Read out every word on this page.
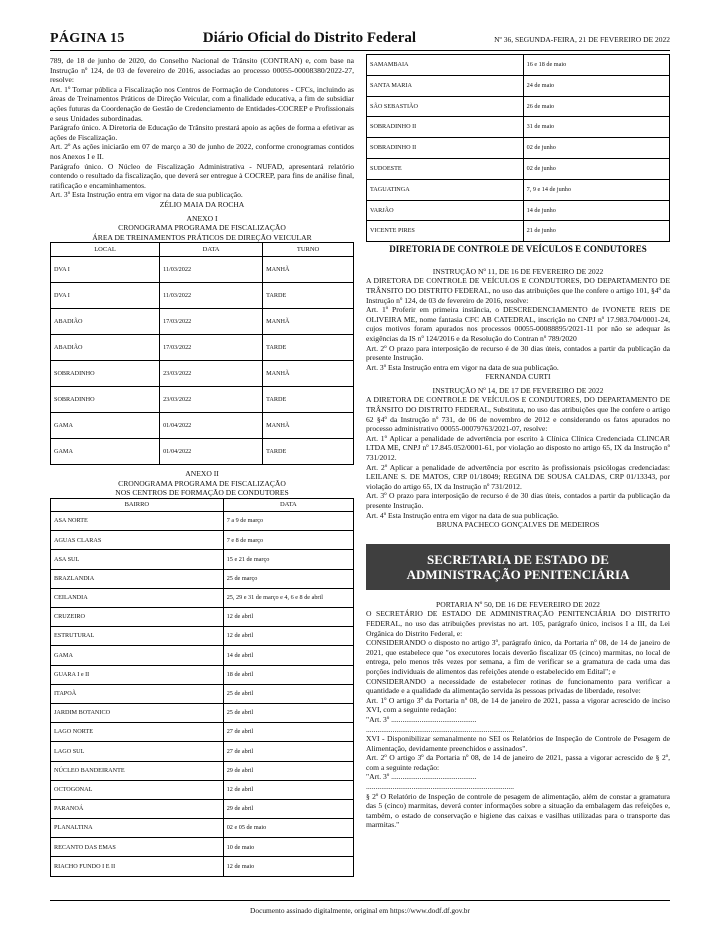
PÁGINA 15	Diário Oficial do Distrito Federal	Nº 36, SEGUNDA-FEIRA, 21 DE FEVEREIRO DE 2022

789, de 18 de junho de 2020, do Conselho Nacional de Trânsito (CONTRAN) e, com base na Instrução nº 124, de 03 de fevereiro de 2016, associadas ao processo 00055-00008380/2022-27, resolve:

Art. 1º Tornar pública a Fiscalização nos Centros de Formação de Condutores - CFCs, incluindo as áreas de Treinamentos Práticos de Direção Veicular, com a finalidade educativa, a fim de subsidiar ações futuras da Coordenação de Gestão de Credenciamento de Entidades-COCREP e Profissionais e seus Unidades subordinadas.

Parágrafo único. A Diretoria de Educação de Trânsito prestará apoio as ações de forma a efetivar as ações de Fiscalização.

Art. 2º As ações iniciarão em 07 de março a 30 de junho de 2022, conforme cronogramas contidos nos Anexos I e II.

Parágrafo único. O Núcleo de Fiscalização Administrativa - NUFAD, apresentará relatório contendo o resultado da fiscalização, que deverá ser entregue à COCREP, para fins de análise final, ratificação e encaminhamentos.

Art. 3º Esta Instrução entra em vigor na data de sua publicação.

ZÉLIO MAIA DA ROCHA

ANEXO I

CRONOGRAMA PROGRAMA DE FISCALIZAÇÃO

ÁREA DE TREINAMENTOS PRÁTICOS DE DIREÇÃO VEICULAR

LOCAL	DATA	TURNO
DVA I	11/03/2022	MANHÃ
DVA I	11/03/2022	TARDE
ABADIÃO	17/03/2022	MANHÃ
ABADIÃO	17/03/2022	TARDE
SOBRADINHO	23/03/2022	MANHÃ
SOBRADINHO	23/03/2022	TARDE
GAMA	01/04/2022	MANHÃ
GAMA	01/04/2022	TARDE

ANEXO II

CRONOGRAMA PROGRAMA DE FISCALIZAÇÃO

NOS CENTROS DE FORMAÇÃO DE CONDUTORES

BAIRRO	DATA
ASA NORTE	7 a 9 de março
AGUAS CLARAS	7 e 8 de março
ASA SUL	15 e 21 de março
BRAZLANDIA	25 de março
CEILANDIA	25, 29 e 31 de março e 4, 6 e 8 de abril
CRUZEIRO	12 de abril
ESTRUTURAL	12 de abril
GAMA	14 de abril
GUARA I e II	18 de abril
ITAPOÃ	25 de abril
JARDIM BOTANICO	25 de abril
LAGO NORTE	27 de abril
LAGO SUL	27 de abril
NÚCLEO BANDEIRANTE	29 de abril
OCTOGONAL	12 de abril
PARANOÁ	29 de abril
PLANALTINA	02 e 05 de maio
RECANTO DAS EMAS	10 de maio
RIACHO FUNDO I E II	12 de maio
SAMAMBAIA	16 e 18 de maio
SANTA MARIA	24 de maio
SÃO SEBASTIÃO	26 de maio
SOBRADINHO II	31 de maio
SOBRADINHO II	02 de junho
SUDOESTE	02 de junho
TAGUATINGA	7, 9 e 14 de junho
VARJÃO	14 de junho
VICENTE PIRES	21 de junho

DIRETORIA DE CONTROLE DE VEÍCULOS E CONDUTORES

INSTRUÇÃO Nº 11, DE 16 DE FEVEREIRO DE 2022

A DIRETORA DE CONTROLE DE VEÍCULOS E CONDUTORES, DO DEPARTAMENTO DE TRÂNSITO DO DISTRITO FEDERAL, no uso das atribuições que lhe confere o artigo 101, §4º da Instrução nº 124, de 03 de fevereiro de 2016, resolve:

Art. 1º Proferir em primeira instância, o DESCREDENCIAMENTO de IVONETE REIS DE OLIVEIRA ME, nome fantasia CFC AB CATEDRAL, inscrição no CNPJ nº 17.983.704/0001-24, cujos motivos foram apurados nos processos 00055-00088895/2021-11 por não se adequar às exigências da IS nº 124/2016 e da Resolução do Contran nº 789/2020

Art. 2º O prazo para interposição de recurso é de 30 dias úteis, contados a partir da publicação da presente Instrução.

Art. 3º Esta Instrução entra em vigor na data de sua publicação.

FERNANDA CURTI

INSTRUÇÃO Nº 14, DE 17 DE FEVEREIRO DE 2022

A DIRETORA DE CONTROLE DE VEÍCULOS E CONDUTORES, DO DEPARTAMENTO DE TRÂNSITO DO DISTRITO FEDERAL, Substituta, no uso das atribuições que lhe confere o artigo 62 §4º da Instrução nº 731, de 06 de novembro de 2012 e considerando os fatos apurados no processo administrativo 00055-00079763/2021-07, resolve:

Art. 1º Aplicar a penalidade de advertência por escrito à Clínica Clínica Credenciada CLINCAR LTDA ME, CNPJ nº 17.845.052/0001-61, por violação ao disposto no artigo 65, IX da Instrução nº 731/2012.

Art. 2º Aplicar a penalidade de advertência por escrito às profissionais psicólogas credenciadas: LEILANE S. DE MATOS, CRP 01/18049; REGINA DE SOUSA CALDAS, CRP 01/13343, por violação do artigo 65, IX da Instrução nº 731/2012.

Art. 3º O prazo para interposição de recurso é de 30 dias úteis, contados a partir da publicação da presente Instrução.

Art. 4º Esta Instrução entra em vigor na data de sua publicação.

BRUNA PACHECO GONÇALVES DE MEDEIROS

SECRETARIA DE ESTADO DE
ADMINISTRAÇÃO PENITENCIÁRIA

PORTARIA Nº 50, DE 16 DE FEVEREIRO DE 2022

O SECRETÁRIO DE ESTADO DE ADMINISTRAÇÃO PENITENCIÁRIA DO DISTRITO FEDERAL, no uso das atribuições previstas no art. 105, parágrafo único, incisos I a III, da Lei Orgânica do Distrito Federal, e:

CONSIDERANDO o disposto no artigo 3º, parágrafo único, da Portaria nº 08, de 14 de janeiro de 2021, que estabelece que "os executores locais deverão fiscalizar 05 (cinco) marmitas, no local de entrega, pelo menos três vezes por semana, a fim de verificar se a gramatura de cada uma das porções individuais de alimentos das refeições atende o estabelecido em Edital"; e

CONSIDERANDO a necessidade de estabelecer rotinas de funcionamento para verificar a quantidade e a qualidade da alimentação servida às pessoas privadas de liberdade, resolve:

Art. 1º O artigo 3º da Portaria nº 08, de 14 de janeiro de 2021, passa a vigorar acrescido de inciso XVI, com a seguinte redação:

"Art. 3º .............................................

..............................................................................

XVI - Disponibilizar semanalmente no SEI os Relatórios de Inspeção de Controle de Pesagem de Alimentação, devidamente preenchidos e assinados".

Art. 2º O artigo 3º da Portaria nº 08, de 14 de janeiro de 2021, passa a vigorar acrescido de § 2º, com a seguinte redação:

"Art. 3º .............................................

..............................................................................

§ 2º O Relatório de Inspeção de controle de pesagem de alimentação, além de constar a gramatura das 5 (cinco) marmitas, deverá conter informações sobre a situação da embalagem das refeições e, também, o estado de conservação e higiene das caixas e vasilhas utilizadas para o transporte das marmitas."

Documento assinado digitalmente, original em https://www.dodf.df.gov.br
